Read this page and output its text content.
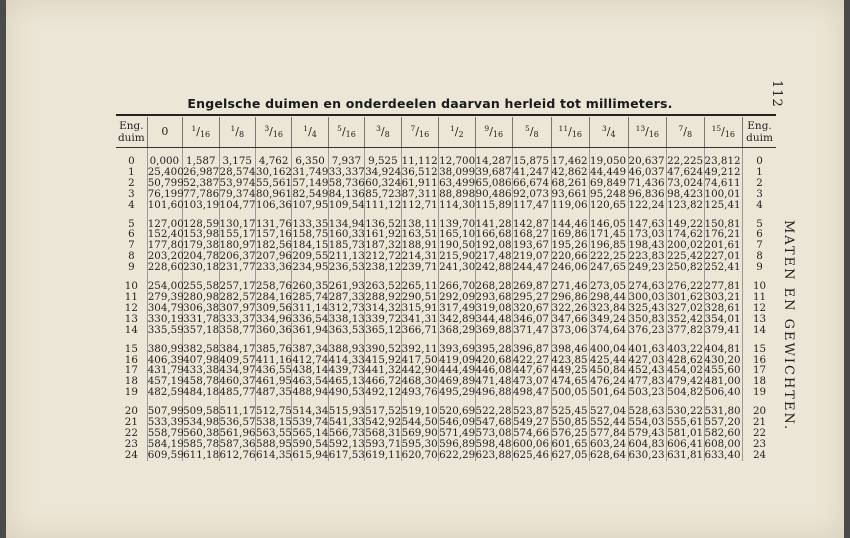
112
MATEN EN GEWICHTEN.
Engelsche duimen en onderdeelen daarvan herleid tot millimeters.
Eng. duim	0	$^1/_{16}$	$^1/_8$	$^3/_{16}$	$^1/_4$	$^5/_{16}$	$^3/_8$	$^7/_{16}$	$^1/_2$	$^9/_{16}$	$^5/_8$	$^{11}/_{16}$	$^3/_4$	$^{13}/_{16}$	$^7/_8$	$^{15}/_{16}$	Eng. duim

0	0,000	1,587	3,175	4,762	6,350	7,937	9,525	11,112	12,700	14,287	15,875	17,462	19,050	20,637	22,225	23,812	0
1	25,400	26,987	28,574	30,162	31,749	33,337	34,924	36,512	38,099	39,687	41,247	42,862	44,449	46,037	47,624	49,212	1
2	50,799	52,387	53,974	55,561	57,149	58,736	60,324	61,911	63,499	65,086	66,674	68,261	69,849	71,436	73,024	74,611	2
3	76,199	77,786	79,374	80,961	82,549	84,136	85,723	87,311	88,898	90,486	92,073	93,661	95,248	96,836	98,423	100,01	3
4	101,60	103,19	104,77	106,36	107,95	109,54	111,12	112,71	114,30	115,89	117,47	119,06	120,65	122,24	123,82	125,41	4

5	127,00	128,59	130,17	131,76	133,35	134,94	136,52	138,11	139,70	141,28	142,87	144,46	146,05	147,63	149,22	150,81	5
6	152,40	153,98	155,17	157,16	158,75	160,33	161,92	163,51	165,10	166,68	168,27	169,86	171,45	173,03	174,62	176,21	6
7	177,80	179,38	180,97	182,56	184,15	185,73	187,32	188,91	190,50	192,08	193,67	195,26	196,85	198,43	200,02	201,61	7
8	203,20	204,78	206,37	207,96	209,55	211,13	212,72	214,31	215,90	217,48	219,07	220,66	222,25	223,83	225,42	227,01	8
9	228,60	230,18	231,77	233,36	234,95	236,53	238,12	239,71	241,30	242,88	244,47	246,06	247,65	249,23	250,82	252,41	9

10	254,00	255,58	257,17	258,76	260,35	261,93	263,52	265,11	266,70	268,28	269,87	271,46	273,05	274,63	276,22	277,81	10
11	279,39	280,98	282,57	284,16	285,74	287,33	288,92	290,51	292,09	293,68	295,27	296,86	298,44	300,03	301,62	303,21	11
12	304,79	306,38	307,97	309,56	311,14	312,73	314,32	315,91	317,49	319,08	320,67	322,26	323,84	325,43	327,02	328,61	12
13	330,19	331,78	333,37	334,96	336,54	338,13	339,72	341,31	342,89	344,48	346,07	347,66	349,24	350,83	352,42	354,01	13
14	335,59	357,18	358,77	360,36	361,94	363,53	365,12	366,71	368,29	369,88	371,47	373,06	374,64	376,23	377,82	379,41	14

15	380,99	382,58	384,17	385,76	387,34	388,93	390,52	392,11	393,69	395,28	396,87	398,46	400,04	401,63	403,22	404,81	15
16	406,39	407,98	409,57	411,16	412,74	414,33	415,92	417,50	419,09	420,68	422,27	423,85	425,44	427,03	428,62	430,20	16
17	431,79	433,38	434,97	436,55	438,14	439,73	441,32	442,90	444,49	446,08	447,67	449,25	450,84	452,43	454,02	455,60	17
18	457,19	458,78	460,37	461,95	463,54	465,13	466,72	468,30	469,89	471,48	473,07	474,65	476,24	477,83	479,42	481,00	18
19	482,59	484,18	485,77	487,35	488,94	490,53	492,12	493,76	495,29	496,88	498,47	500,05	501,64	503,23	504,82	506,40	19

20	507,99	509,58	511,17	512,75	514,34	515,93	517,52	519,10	520,69	522,28	523,87	525,45	527,04	528,63	530,22	531,80	20
21	533,39	534,98	536,57	538,15	539,74	541,33	542,92	544,50	546,09	547,68	549,27	550,85	552,44	554,03	555,61	557,20	21
22	558,79	560,38	561,96	563,55	565,14	566,73	568,31	569,90	571,49	573,08	574,66	576,25	577,84	579,43	581,01	582,60	22
23	584,19	585,78	587,36	588,95	590,54	592,13	593,71	595,30	596,89	598,48	600,06	601,65	603,24	604,83	606,41	608,00	23
24	609,59	611,18	612,76	614,35	615,94	617,53	619,11	620,70	622,29	623,88	625,46	627,05	628,64	630,23	631,81	633,40	24
